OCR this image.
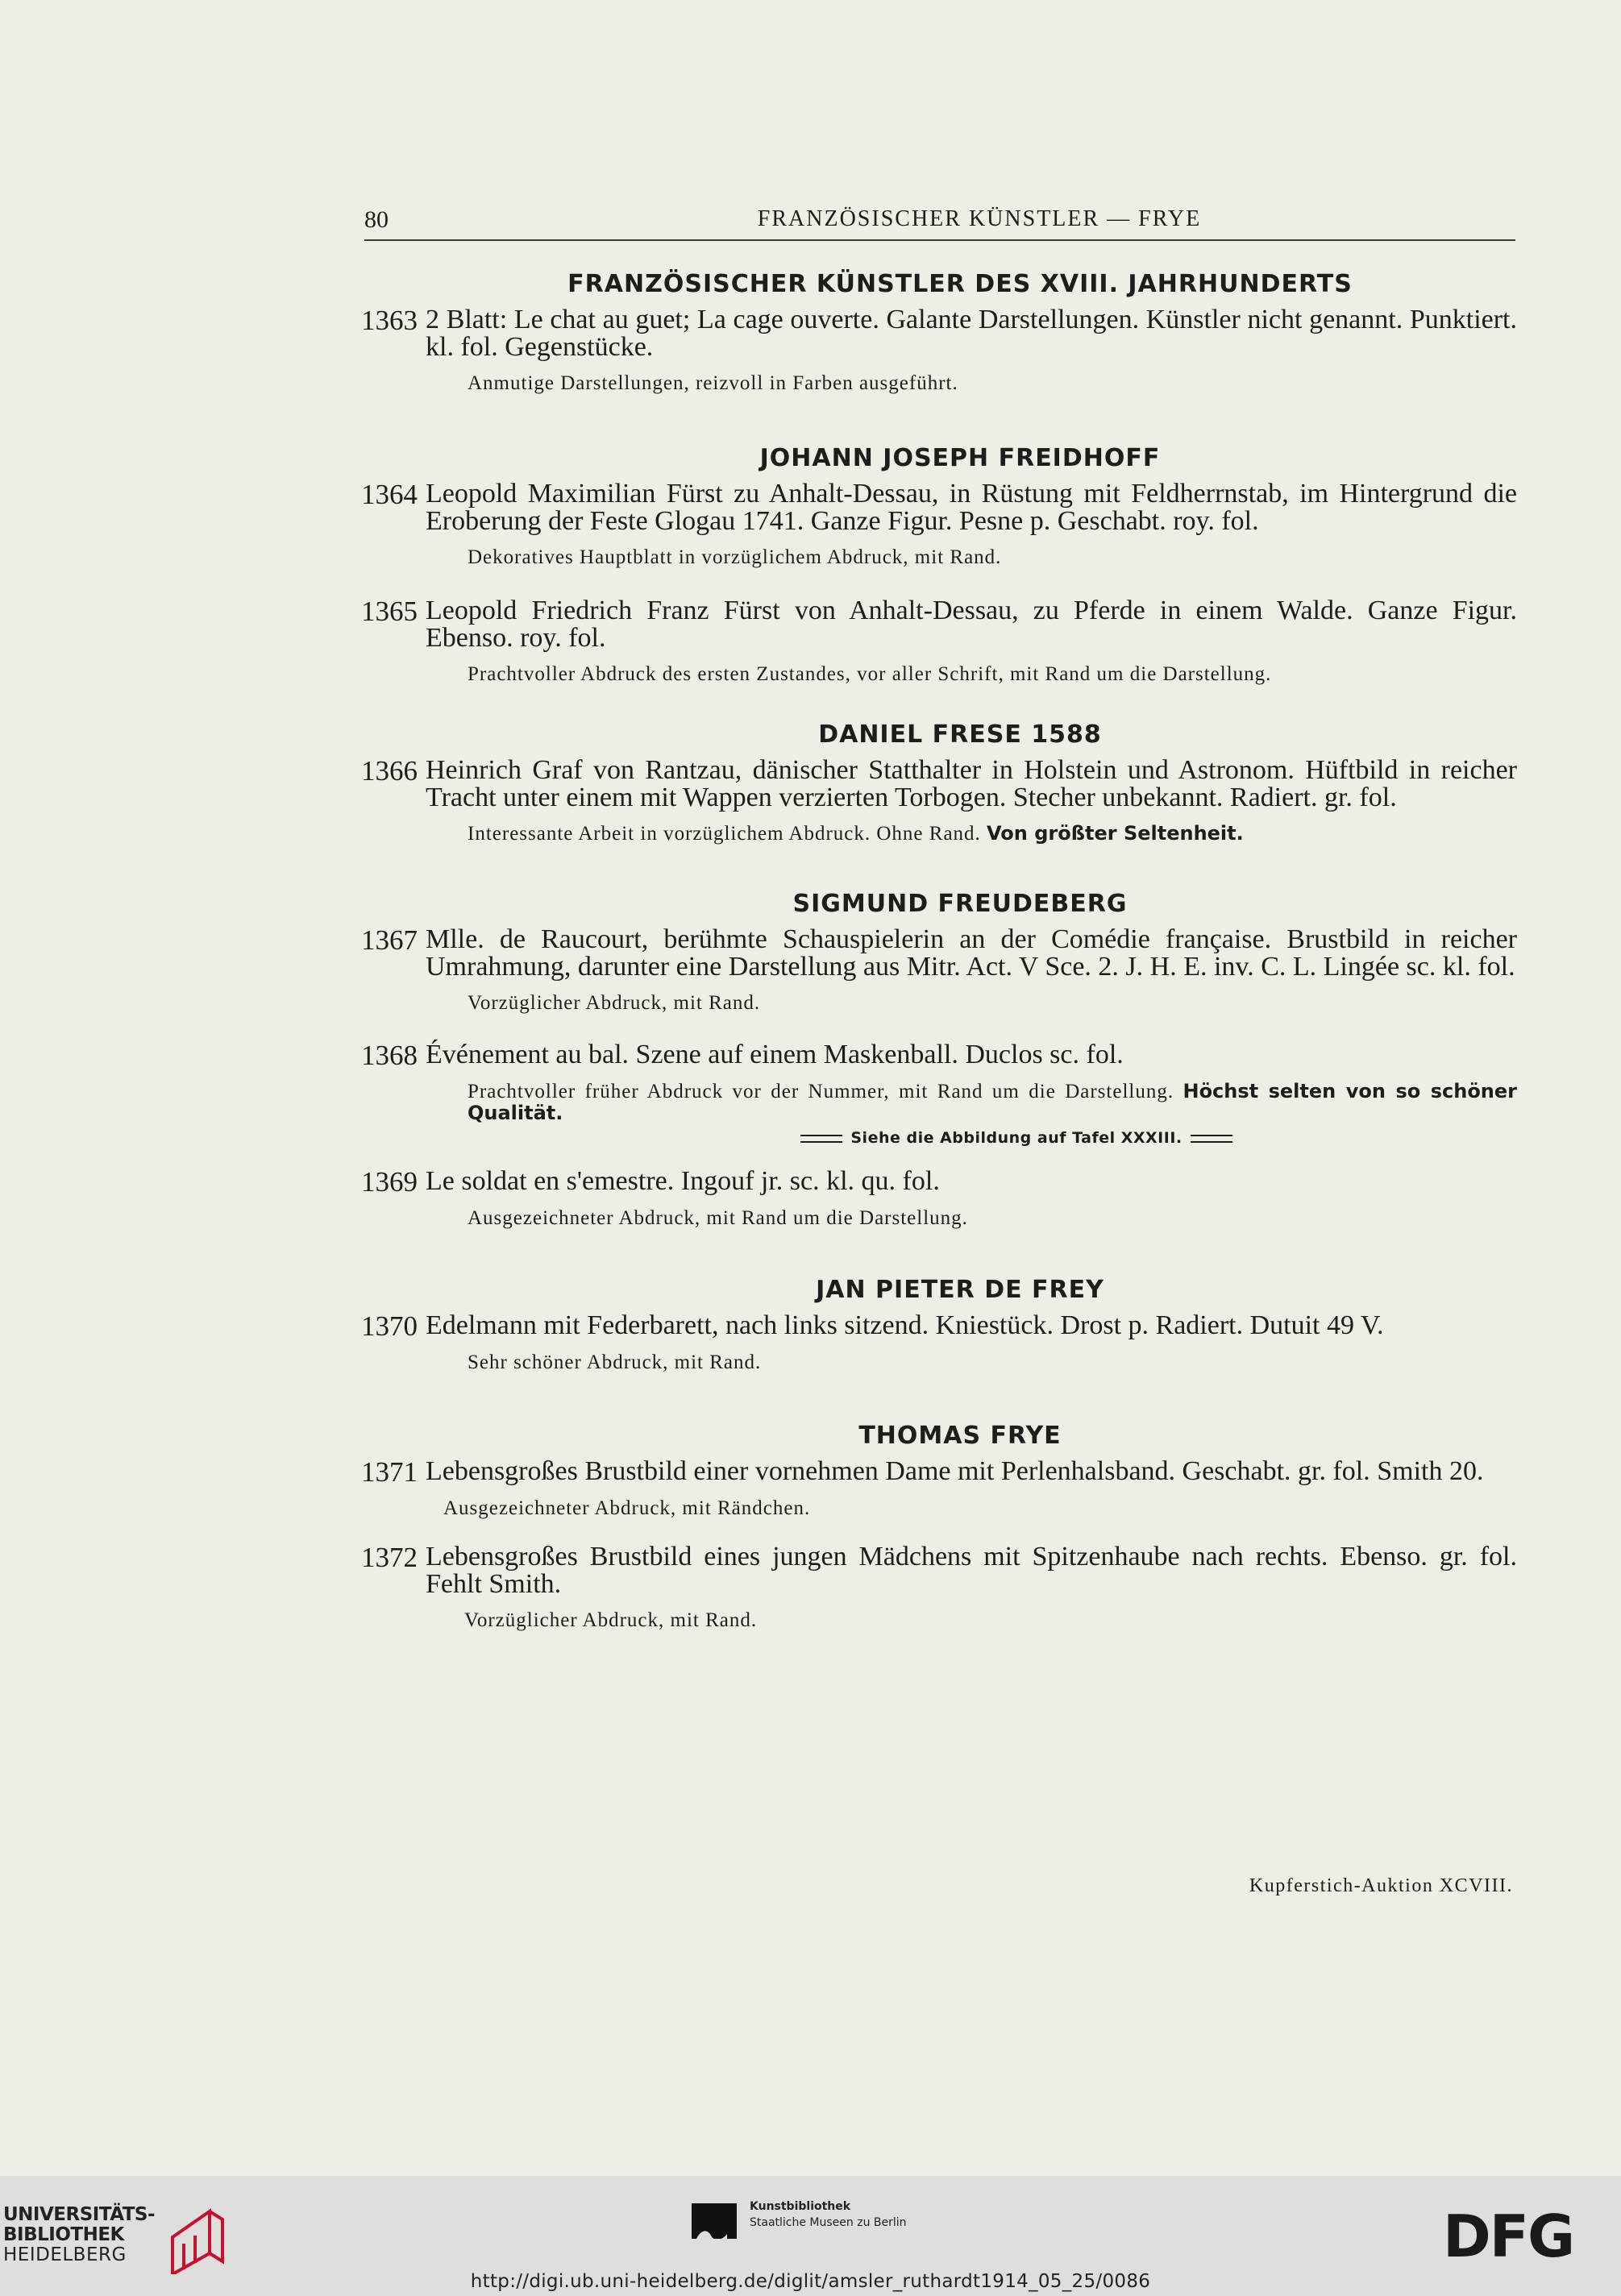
80	FRANZÖSISCHER KÜNSTLER — FRYE
FRANZÖSISCHER KÜNSTLER DES XVIII. JAHRHUNDERTS
1363 2 Blatt: Le chat au guet; La cage ouverte. Galante Darstellungen. Künstler nicht genannt. Punktiert. kl. fol. Gegenstücke.
Anmutige Darstellungen, reizvoll in Farben ausgeführt.
JOHANN JOSEPH FREIDHOFF
1364 Leopold Maximilian Fürst zu Anhalt-Dessau, in Rüstung mit Feldherrnstab, im Hintergrund die Eroberung der Feste Glogau 1741. Ganze Figur. Pesne p. Geschabt. roy. fol.
Dekoratives Hauptblatt in vorzüglichem Abdruck, mit Rand.
1365 Leopold Friedrich Franz Fürst von Anhalt-Dessau, zu Pferde in einem Walde. Ganze Figur. Ebenso. roy. fol.
Prachtvoller Abdruck des ersten Zustandes, vor aller Schrift, mit Rand um die Darstellung.
DANIEL FRESE 1588
1366 Heinrich Graf von Rantzau, dänischer Statthalter in Holstein und Astronom. Hüftbild in reicher Tracht unter einem mit Wappen verzierten Torbogen. Stecher unbekannt. Radiert. gr. fol.
Interessante Arbeit in vorzüglichem Abdruck. Ohne Rand. Von größter Seltenheit.
SIGMUND FREUDEBERG
1367 Mlle. de Raucourt, berühmte Schauspielerin an der Comédie française. Brustbild in reicher Umrahmung, darunter eine Darstellung aus Mitr. Act. V Sce. 2. J. H. E. inv. C. L. Lingée sc. kl. fol.
Vorzüglicher Abdruck, mit Rand.
1368 Événement au bal. Szene auf einem Maskenball. Duclos sc. fol.
Prachtvoller früher Abdruck vor der Nummer, mit Rand um die Darstellung. Höchst selten von so schöner Qualität.
Siehe die Abbildung auf Tafel XXXIII.
1369 Le soldat en s'emestre. Ingouf jr. sc. kl. qu. fol.
Ausgezeichneter Abdruck, mit Rand um die Darstellung.
JAN PIETER DE FREY
1370 Edelmann mit Federbarett, nach links sitzend. Kniestück. Drost p. Radiert. Dutuit 49 V.
Sehr schöner Abdruck, mit Rand.
THOMAS FRYE
1371 Lebensgroßes Brustbild einer vornehmen Dame mit Perlenhalsband. Geschabt. gr. fol. Smith 20.
Ausgezeichneter Abdruck, mit Rändchen.
1372 Lebensgroßes Brustbild eines jungen Mädchens mit Spitzenhaube nach rechts. Ebenso. gr. fol. Fehlt Smith.
Vorzüglicher Abdruck, mit Rand.
Kupferstich-Auktion XCVIII.
UNIVERSITÄTS-
BIBLIOTHEK
HEIDELBERG
Kunstbibliothek
Staatliche Museen zu Berlin	DFG
http://digi.ub.uni-heidelberg.de/diglit/amsler_ruthardt1914_05_25/0086
